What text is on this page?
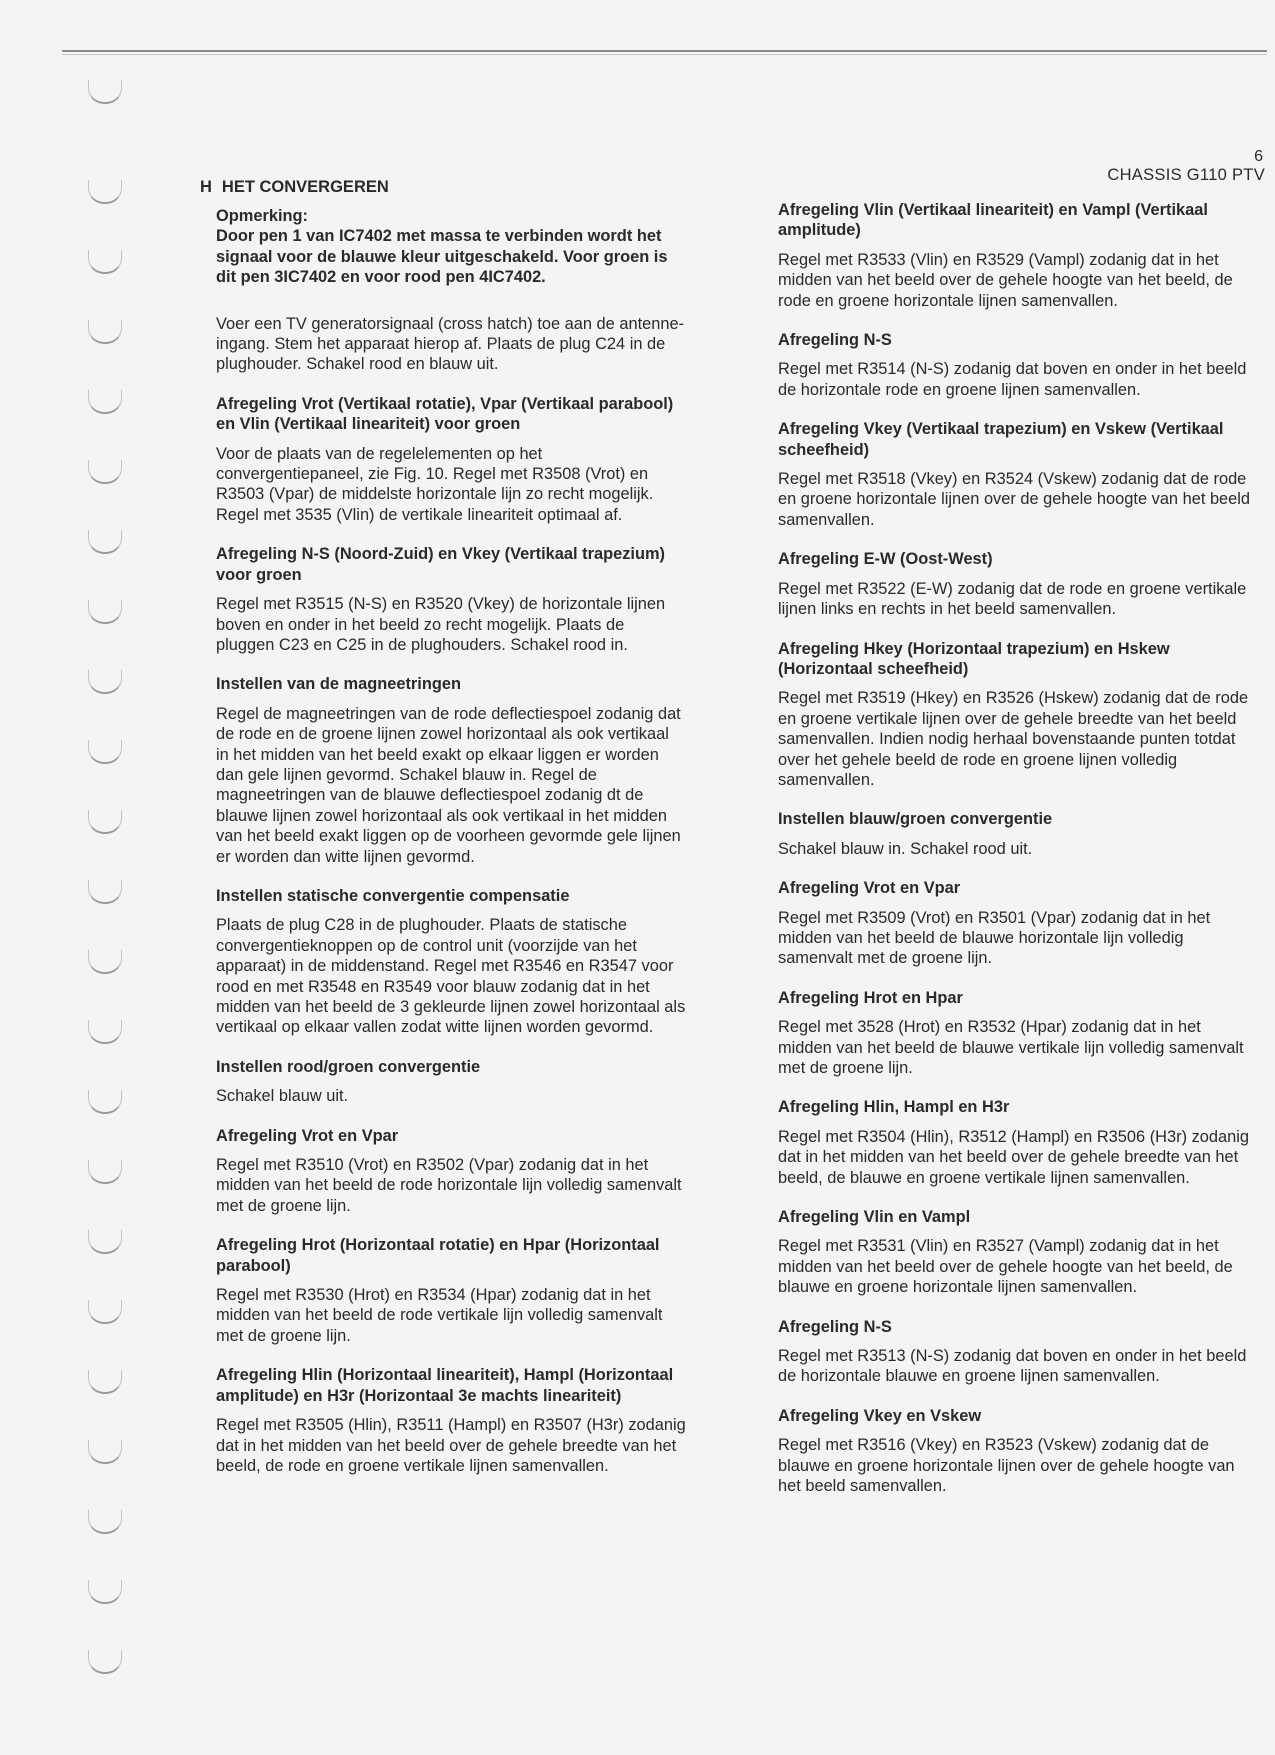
6
CHASSIS G110 PTV
H HET CONVERGEREN
Opmerking:
Door pen 1 van IC7402 met massa te verbinden wordt het signaal voor de blauwe kleur uitgeschakeld. Voor groen is dit pen 3IC7402 en voor rood pen 4IC7402.
Voer een TV generatorsignaal (cross hatch) toe aan de antenne-ingang. Stem het apparaat hierop af. Plaats de plug C24 in de plughouder. Schakel rood en blauw uit.
Afregeling Vrot (Vertikaal rotatie), Vpar (Vertikaal parabool) en Vlin (Vertikaal lineariteit) voor groen
Voor de plaats van de regelelementen op het convergentiepaneel, zie Fig. 10. Regel met R3508 (Vrot) en R3503 (Vpar) de middelste horizontale lijn zo recht mogelijk. Regel met 3535 (Vlin) de vertikale lineariteit optimaal af.
Afregeling N-S (Noord-Zuid) en Vkey (Vertikaal trapezium) voor groen
Regel met R3515 (N-S) en R3520 (Vkey) de horizontale lijnen boven en onder in het beeld zo recht mogelijk. Plaats de pluggen C23 en C25 in de plughouders. Schakel rood in.
Instellen van de magneetringen
Regel de magneetringen van de rode deflectiespoel zodanig dat de rode en de groene lijnen zowel horizontaal als ook vertikaal in het midden van het beeld exakt op elkaar liggen er worden dan gele lijnen gevormd. Schakel blauw in. Regel de magneetringen van de blauwe deflectiespoel zodanig dt de blauwe lijnen zowel horizontaal als ook vertikaal in het midden van het beeld exakt liggen op de voorheen gevormde gele lijnen er worden dan witte lijnen gevormd.
Instellen statische convergentie compensatie
Plaats de plug C28 in de plughouder. Plaats de statische convergentieknoppen op de control unit (voorzijde van het apparaat) in de middenstand. Regel met R3546 en R3547 voor rood en met R3548 en R3549 voor blauw zodanig dat in het midden van het beeld de 3 gekleurde lijnen zowel horizontaal als vertikaal op elkaar vallen zodat witte lijnen worden gevormd.
Instellen rood/groen convergentie
Schakel blauw uit.
Afregeling Vrot en Vpar
Regel met R3510 (Vrot) en R3502 (Vpar) zodanig dat in het midden van het beeld de rode horizontale lijn volledig samenvalt met de groene lijn.
Afregeling Hrot (Horizontaal rotatie) en Hpar (Horizontaal parabool)
Regel met R3530 (Hrot) en R3534 (Hpar) zodanig dat in het midden van het beeld de rode vertikale lijn volledig samenvalt met de groene lijn.
Afregeling Hlin (Horizontaal lineariteit), Hampl (Horizontaal amplitude) en H3r (Horizontaal 3e machts lineariteit)
Regel met R3505 (Hlin), R3511 (Hampl) en R3507 (H3r) zodanig dat in het midden van het beeld over de gehele breedte van het beeld, de rode en groene vertikale lijnen samenvallen.
Afregeling Vlin (Vertikaal lineariteit) en Vampl (Vertikaal amplitude)
Regel met R3533 (Vlin) en R3529 (Vampl) zodanig dat in het midden van het beeld over de gehele hoogte van het beeld, de rode en groene horizontale lijnen samenvallen.
Afregeling N-S
Regel met R3514 (N-S) zodanig dat boven en onder in het beeld de horizontale rode en groene lijnen samenvallen.
Afregeling Vkey (Vertikaal trapezium) en Vskew (Vertikaal scheefheid)
Regel met R3518 (Vkey) en R3524 (Vskew) zodanig dat de rode en groene horizontale lijnen over de gehele hoogte van het beeld samenvallen.
Afregeling E-W (Oost-West)
Regel met R3522 (E-W) zodanig dat de rode en groene vertikale lijnen links en rechts in het beeld samenvallen.
Afregeling Hkey (Horizontaal trapezium) en Hskew (Horizontaal scheefheid)
Regel met R3519 (Hkey) en R3526 (Hskew) zodanig dat de rode en groene vertikale lijnen over de gehele breedte van het beeld samenvallen. Indien nodig herhaal bovenstaande punten totdat over het gehele beeld de rode en groene lijnen volledig samenvallen.
Instellen blauw/groen convergentie
Schakel blauw in. Schakel rood uit.
Afregeling Vrot en Vpar
Regel met R3509 (Vrot) en R3501 (Vpar) zodanig dat in het midden van het beeld de blauwe horizontale lijn volledig samenvalt met de groene lijn.
Afregeling Hrot en Hpar
Regel met 3528 (Hrot) en R3532 (Hpar) zodanig dat in het midden van het beeld de blauwe vertikale lijn volledig samenvalt met de groene lijn.
Afregeling Hlin, Hampl en H3r
Regel met R3504 (Hlin), R3512 (Hampl) en R3506 (H3r) zodanig dat in het midden van het beeld over de gehele breedte van het beeld, de blauwe en groene vertikale lijnen samenvallen.
Afregeling Vlin en Vampl
Regel met R3531 (Vlin) en R3527 (Vampl) zodanig dat in het midden van het beeld over de gehele hoogte van het beeld, de blauwe en groene horizontale lijnen samenvallen.
Afregeling N-S
Regel met R3513 (N-S) zodanig dat boven en onder in het beeld de horizontale blauwe en groene lijnen samenvallen.
Afregeling Vkey en Vskew
Regel met R3516 (Vkey) en R3523 (Vskew) zodanig dat de blauwe en groene horizontale lijnen over de gehele hoogte van het beeld samenvallen.
